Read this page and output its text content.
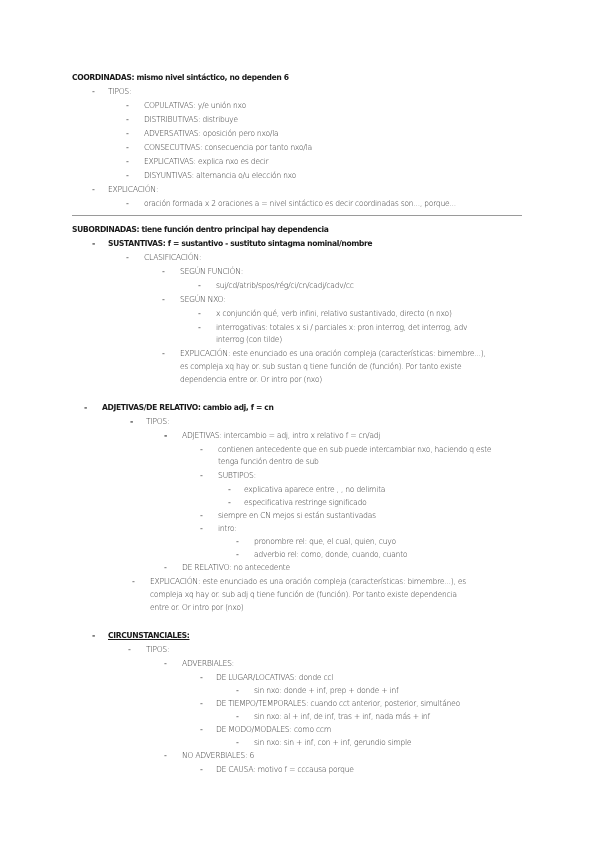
COORDINADAS: mismo nivel sintáctico, no dependen 6

- TIPOS:

- COPULATIVAS: y/e unión nxo

- DISTRIBUTIVAS: distribuye

- ADVERSATIVAS: oposición pero nxo/la

- CONSECUTIVAS: consecuencia por tanto nxo/la

- EXPLICATIVAS: explica nxo es decir

- DISYUNTIVAS: alternancia o/u elección nxo

- EXPLICACIÓN:

- oración formada x 2 oraciones a = nivel sintáctico es decir coordinadas son..., porque...

SUBORDINADAS: tiene función dentro principal hay dependencia

- SUSTANTIVAS: f = sustantivo - sustituto sintagma nominal/nombre

- CLASIFICACIÓN:

- SEGÚN FUNCIÓN:

- suj/cd/atrib/spos/rég/ci/cn/cadj/cadv/cc

- SEGÚN NXO:

- x conjunción qué, verb infini, relativo sustantivado, directo (n nxo)

- interrogativas: totales x si / parciales x: pron interrog, det interrog, adv

interrog (con tilde)

- EXPLICACIÓN: este enunciado es una oración compleja (características: bimembre...),

es compleja xq hay or. sub sustan q tiene función de (función). Por tanto existe

dependencia entre or. Or intro por (nxo)

- ADJETIVAS/DE RELATIVO: cambio adj, f = cn

- TIPOS:

- ADJETIVAS: intercambio = adj, intro x relativo f = cn/adj

- contienen antecedente que en sub puede intercambiar nxo, haciendo q este

tenga función dentro de sub

- SUBTIPOS:

- explicativa aparece entre , , no delimita

- especificativa restringe significado

- siempre en CN mejos si están sustantivadas

- intro:

- pronombre rel: que, el cual, quien, cuyo

- adverbio rel: como, donde, cuando, cuanto

- DE RELATIVO: no antecedente

- EXPLICACIÓN: este enunciado es una oración compleja (características: bimembre...), es

compleja xq hay or. sub adj q tiene función de (función). Por tanto existe dependencia

entre or. Or intro por (nxo)

- CIRCUNSTANCIALES:

- TIPOS:

- ADVERBIALES:

- DE LUGAR/LOCATIVAS: donde ccl

- sin nxo: donde + inf, prep + donde + inf

- DE TIEMPO/TEMPORALES: cuando cct anterior, posterior, simultáneo

- sin nxo: al + inf, de inf, tras + inf, nada más + inf

- DE MODO/MODALES: como ccm

- sin nxo: sin + inf, con + inf, gerundio simple

- NO ADVERBIALES: 6

- DE CAUSA: motivo f = cccausa porque
